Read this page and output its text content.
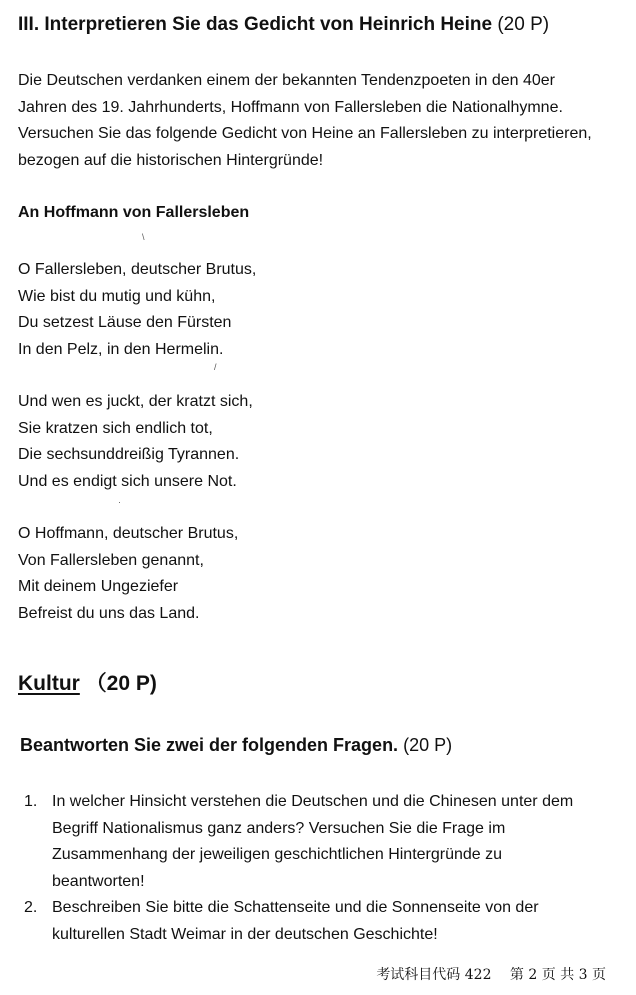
III. Interpretieren Sie das Gedicht von Heinrich Heine (20 P)

Die Deutschen verdanken einem der bekannten Tendenzpoeten in den 40er

Jahren des 19. Jahrhunderts, Hoffmann von Fallersleben die Nationalhymne.

Versuchen Sie das folgende Gedicht von Heine an Fallersleben zu interpretieren,

bezogen auf die historischen Hintergründe!

An Hoffmann von Fallersleben

O Fallersleben, deutscher Brutus,

Wie bist du mutig und kühn,

Du setzest Läuse den Fürsten

In den Pelz, in den Hermelin.

Und wen es juckt, der kratzt sich,

Sie kratzen sich endlich tot,

Die sechsunddreißig Tyrannen.

Und es endigt sich unsere Not.

O Hoffmann, deutscher Brutus,

Von Fallersleben genannt,

Mit deinem Ungeziefer

Befreist du uns das Land.

Kultur （20 P)
Beantworten Sie zwei der folgenden Fragen. (20 P)
1. In welcher Hinsicht verstehen die Deutschen und die Chinesen unter dem

Begriff Nationalismus ganz anders? Versuchen Sie die Frage im

Zusammenhang der jeweiligen geschichtlichen Hintergründe zu

beantworten!

2. Beschreiben Sie bitte die Schattenseite und die Sonnenseite von der

kulturellen Stadt Weimar in der deutschen Geschichte!

考试科目代码 422　 第 2 页 共 3 页
\
/
·
